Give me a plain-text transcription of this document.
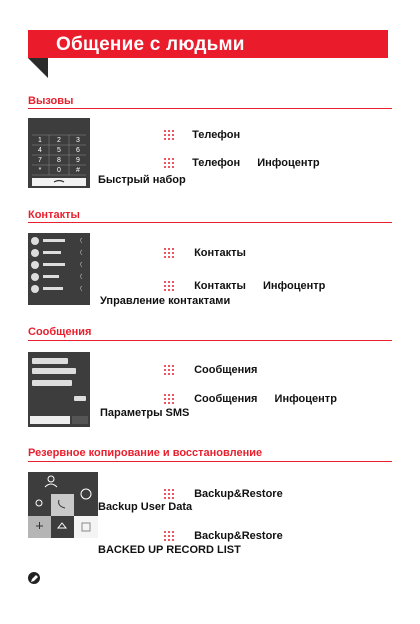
Общение с людьми
Вызовы
1 2 3
4 5 6
7 8 9
* 0 #
Телефон
Телефон Инфоцентр
Быстрый набор
Контакты
Контакты
Контакты Инфоцентр
Управление контактами
Сообщения
Сообщения
Сообщения Инфоцентр
Параметры SMS
Резервное копирование и восстановление
Backup&Restore
Backup User Data
Backup&Restore
BACKED UP RECORD LIST
